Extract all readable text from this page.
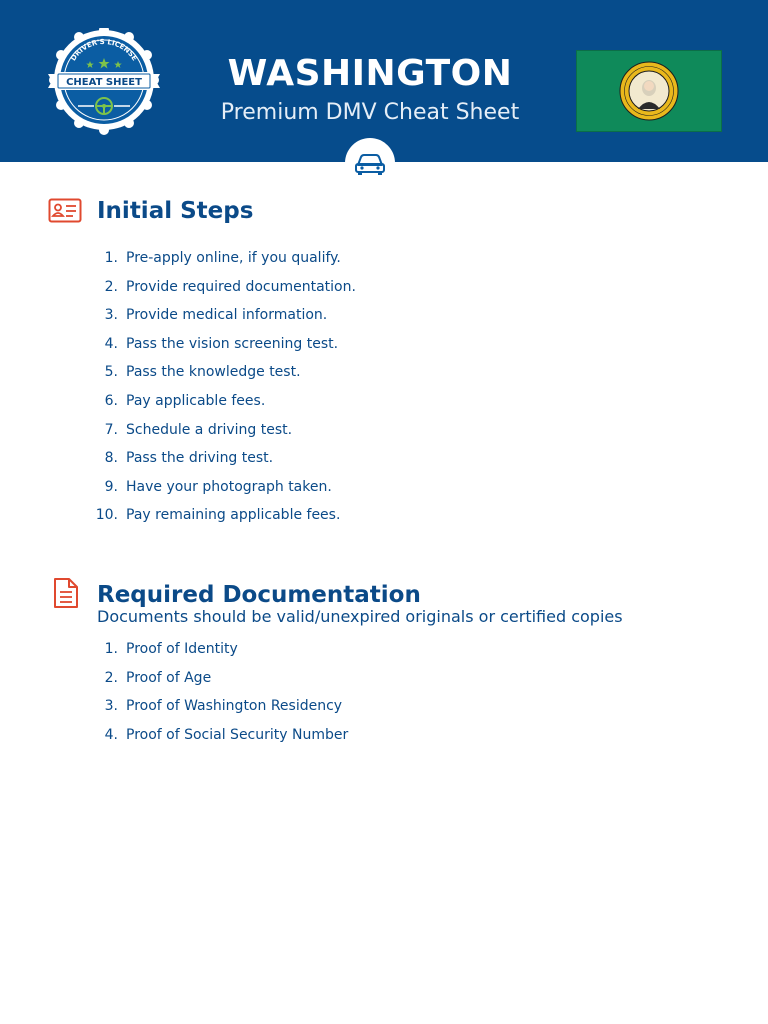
DRIVER'S LICENSE
CHEAT SHEET	WASHINGTON
Premium DMV Cheat Sheet
Initial Steps
1. Pre-apply online, if you qualify.
2. Provide required documentation.
3. Provide medical information.
4. Pass the vision screening test.
5. Pass the knowledge test.
6. Pay applicable fees.
7. Schedule a driving test.
8. Pass the driving test.
9. Have your photograph taken.
10. Pay remaining applicable fees.
Required Documentation
Documents should be valid/unexpired originals or certified copies
1. Proof of Identity
2. Proof of Age
3. Proof of Washington Residency
4. Proof of Social Security Number
